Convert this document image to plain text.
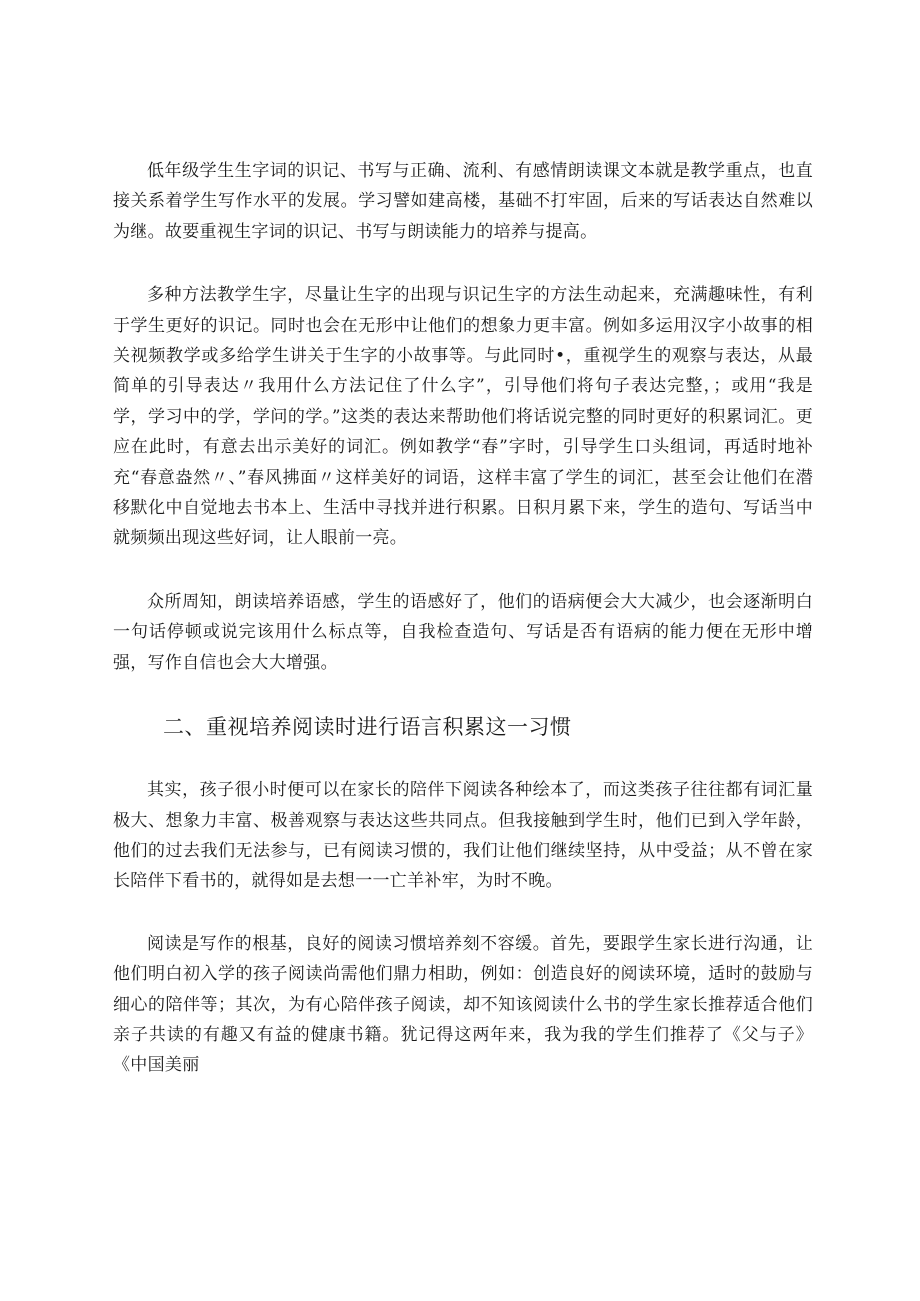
低年级学生生字词的识记、书写与正确、流利、有感情朗读课文本就是教学重点，也直接关系着学生写作水平的发展。学习譬如建高楼，基础不打牢固，后来的写话表达自然难以为继。故要重视生字词的识记、书写与朗读能力的培养与提高。

多种方法教学生字，尽量让生字的出现与识记生字的方法生动起来，充满趣味性，有利于学生更好的识记。同时也会在无形中让他们的想象力更丰富。例如多运用汉字小故事的相关视频教学或多给学生讲关于生字的小故事等。与此同时•，重视学生的观察与表达，从最简单的引导表达〃我用什么方法记住了什么字”，引导他们将句子表达完整，；或用“我是学，学习中的学，学问的学。”这类的表达来帮助他们将话说完整的同时更好的积累词汇。更应在此时，有意去出示美好的词汇。例如教学“春”字时，引导学生口头组词，再适时地补充“春意盎然〃、”春风拂面〃这样美好的词语，这样丰富了学生的词汇，甚至会让他们在潜移默化中自觉地去书本上、生活中寻找并进行积累。日积月累下来，学生的造句、写话当中就频频出现这些好词，让人眼前一亮。

众所周知，朗读培养语感，学生的语感好了，他们的语病便会大大减少，也会逐渐明白一句话停顿或说完该用什么标点等，自我检查造句、写话是否有语病的能力便在无形中增强，写作自信也会大大增强。

二、重视培养阅读时进行语言积累这一习惯

其实，孩子很小时便可以在家长的陪伴下阅读各种绘本了，而这类孩子往往都有词汇量极大、想象力丰富、极善观察与表达这些共同点。但我接触到学生时，他们已到入学年龄，他们的过去我们无法参与，已有阅读习惯的，我们让他们继续坚持，从中受益；从不曾在家长陪伴下看书的，就得如是去想一一亡羊补牢，为时不晚。

阅读是写作的根基，良好的阅读习惯培养刻不容缓。首先，要跟学生家长进行沟通，让他们明白初入学的孩子阅读尚需他们鼎力相助，例如：创造良好的阅读环境，适时的鼓励与细心的陪伴等；其次，为有心陪伴孩子阅读，却不知该阅读什么书的学生家长推荐适合他们亲子共读的有趣又有益的健康书籍。犹记得这两年来，我为我的学生们推荐了《父与子》《中国美丽
